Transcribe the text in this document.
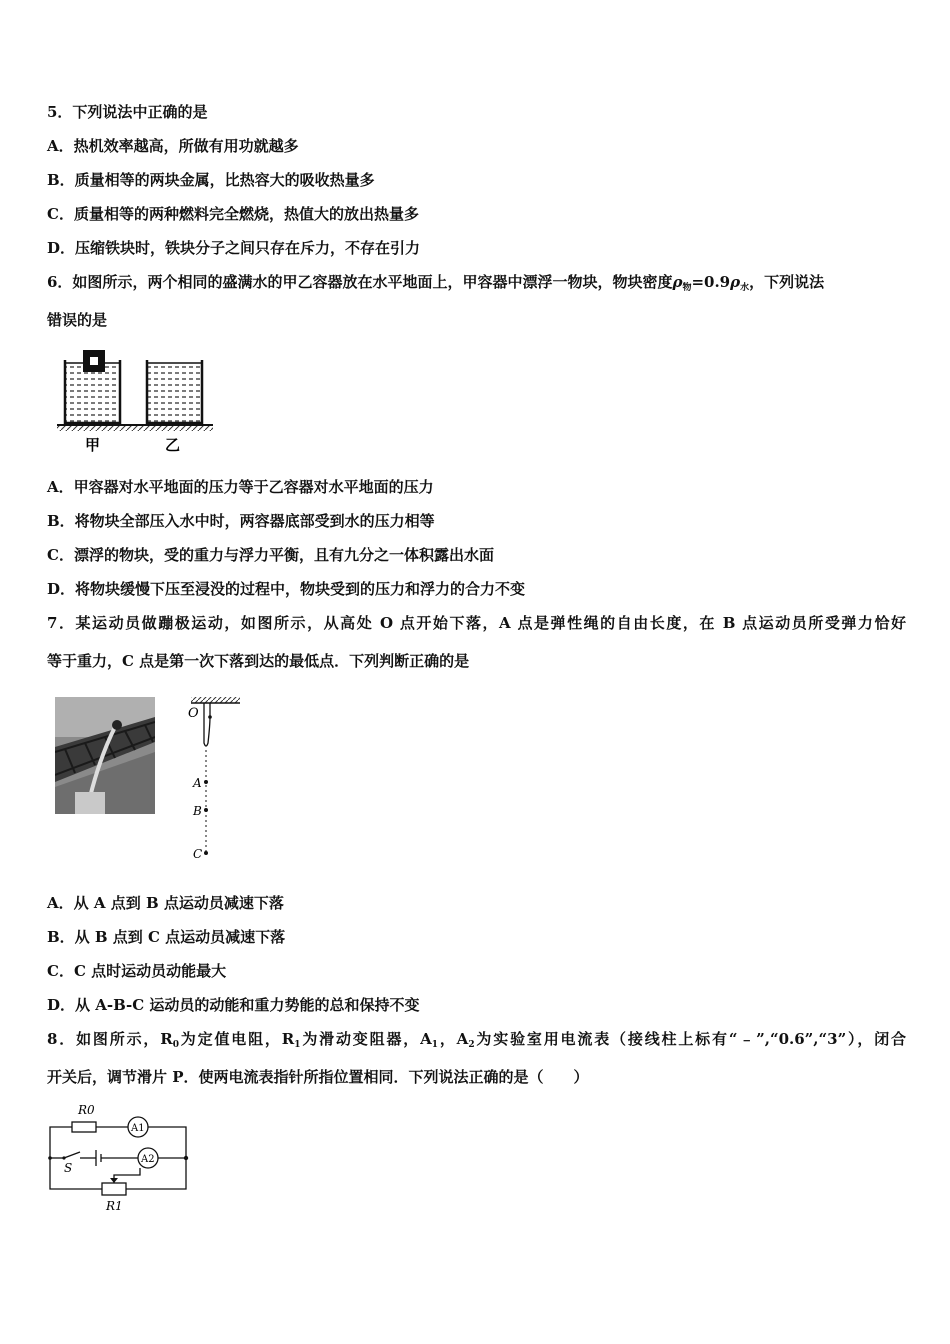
5．下列说法中正确的是
A．热机效率越高，所做有用功就越多
B．质量相等的两块金属，比热容大的吸收热量多
C．质量相等的两种燃料完全燃烧，热值大的放出热量多
D．压缩铁块时，铁块分子之间只存在斥力，不存在引力
6．如图所示，两个相同的盛满水的甲乙容器放在水平地面上，甲容器中漂浮一物块，物块密度$\rho_物=0.9\rho_水$，下列说法
错误的是
甲	乙
A．甲容器对水平地面的压力等于乙容器对水平地面的压力
B．将物块全部压入水中时，两容器底部受到水的压力相等
C．漂浮的物块，受的重力与浮力平衡，且有九分之一体积露出水面
D．将物块缓慢下压至浸没的过程中，物块受到的压力和浮力的合力不变
7．某运动员做蹦极运动，如图所示，从高处 O 点开始下落，A 点是弹性绳的自由长度，在 B 点运动员所受弹力恰好
等于重力，C 点是第一次下落到达的最低点．下列判断正确的是
O
A
B
C
A．从 A 点到 B 点运动员减速下落
B．从 B 点到 C 点运动员减速下落
C．C 点时运动员动能最大
D．从 A-B-C 运动员的动能和重力势能的总和保持不变
8．如图所示，$R_0$为定值电阻，$R_1$为滑动变阻器，$A_1$，$A_2$为实验室用电流表（接线柱上标有“﹣”,“0.6”,“3”），闭合
开关后，调节滑片 P．使两电流表指针所指位置相同．下列说法正确的是（　　）
R0
A1
A2
S
R1
